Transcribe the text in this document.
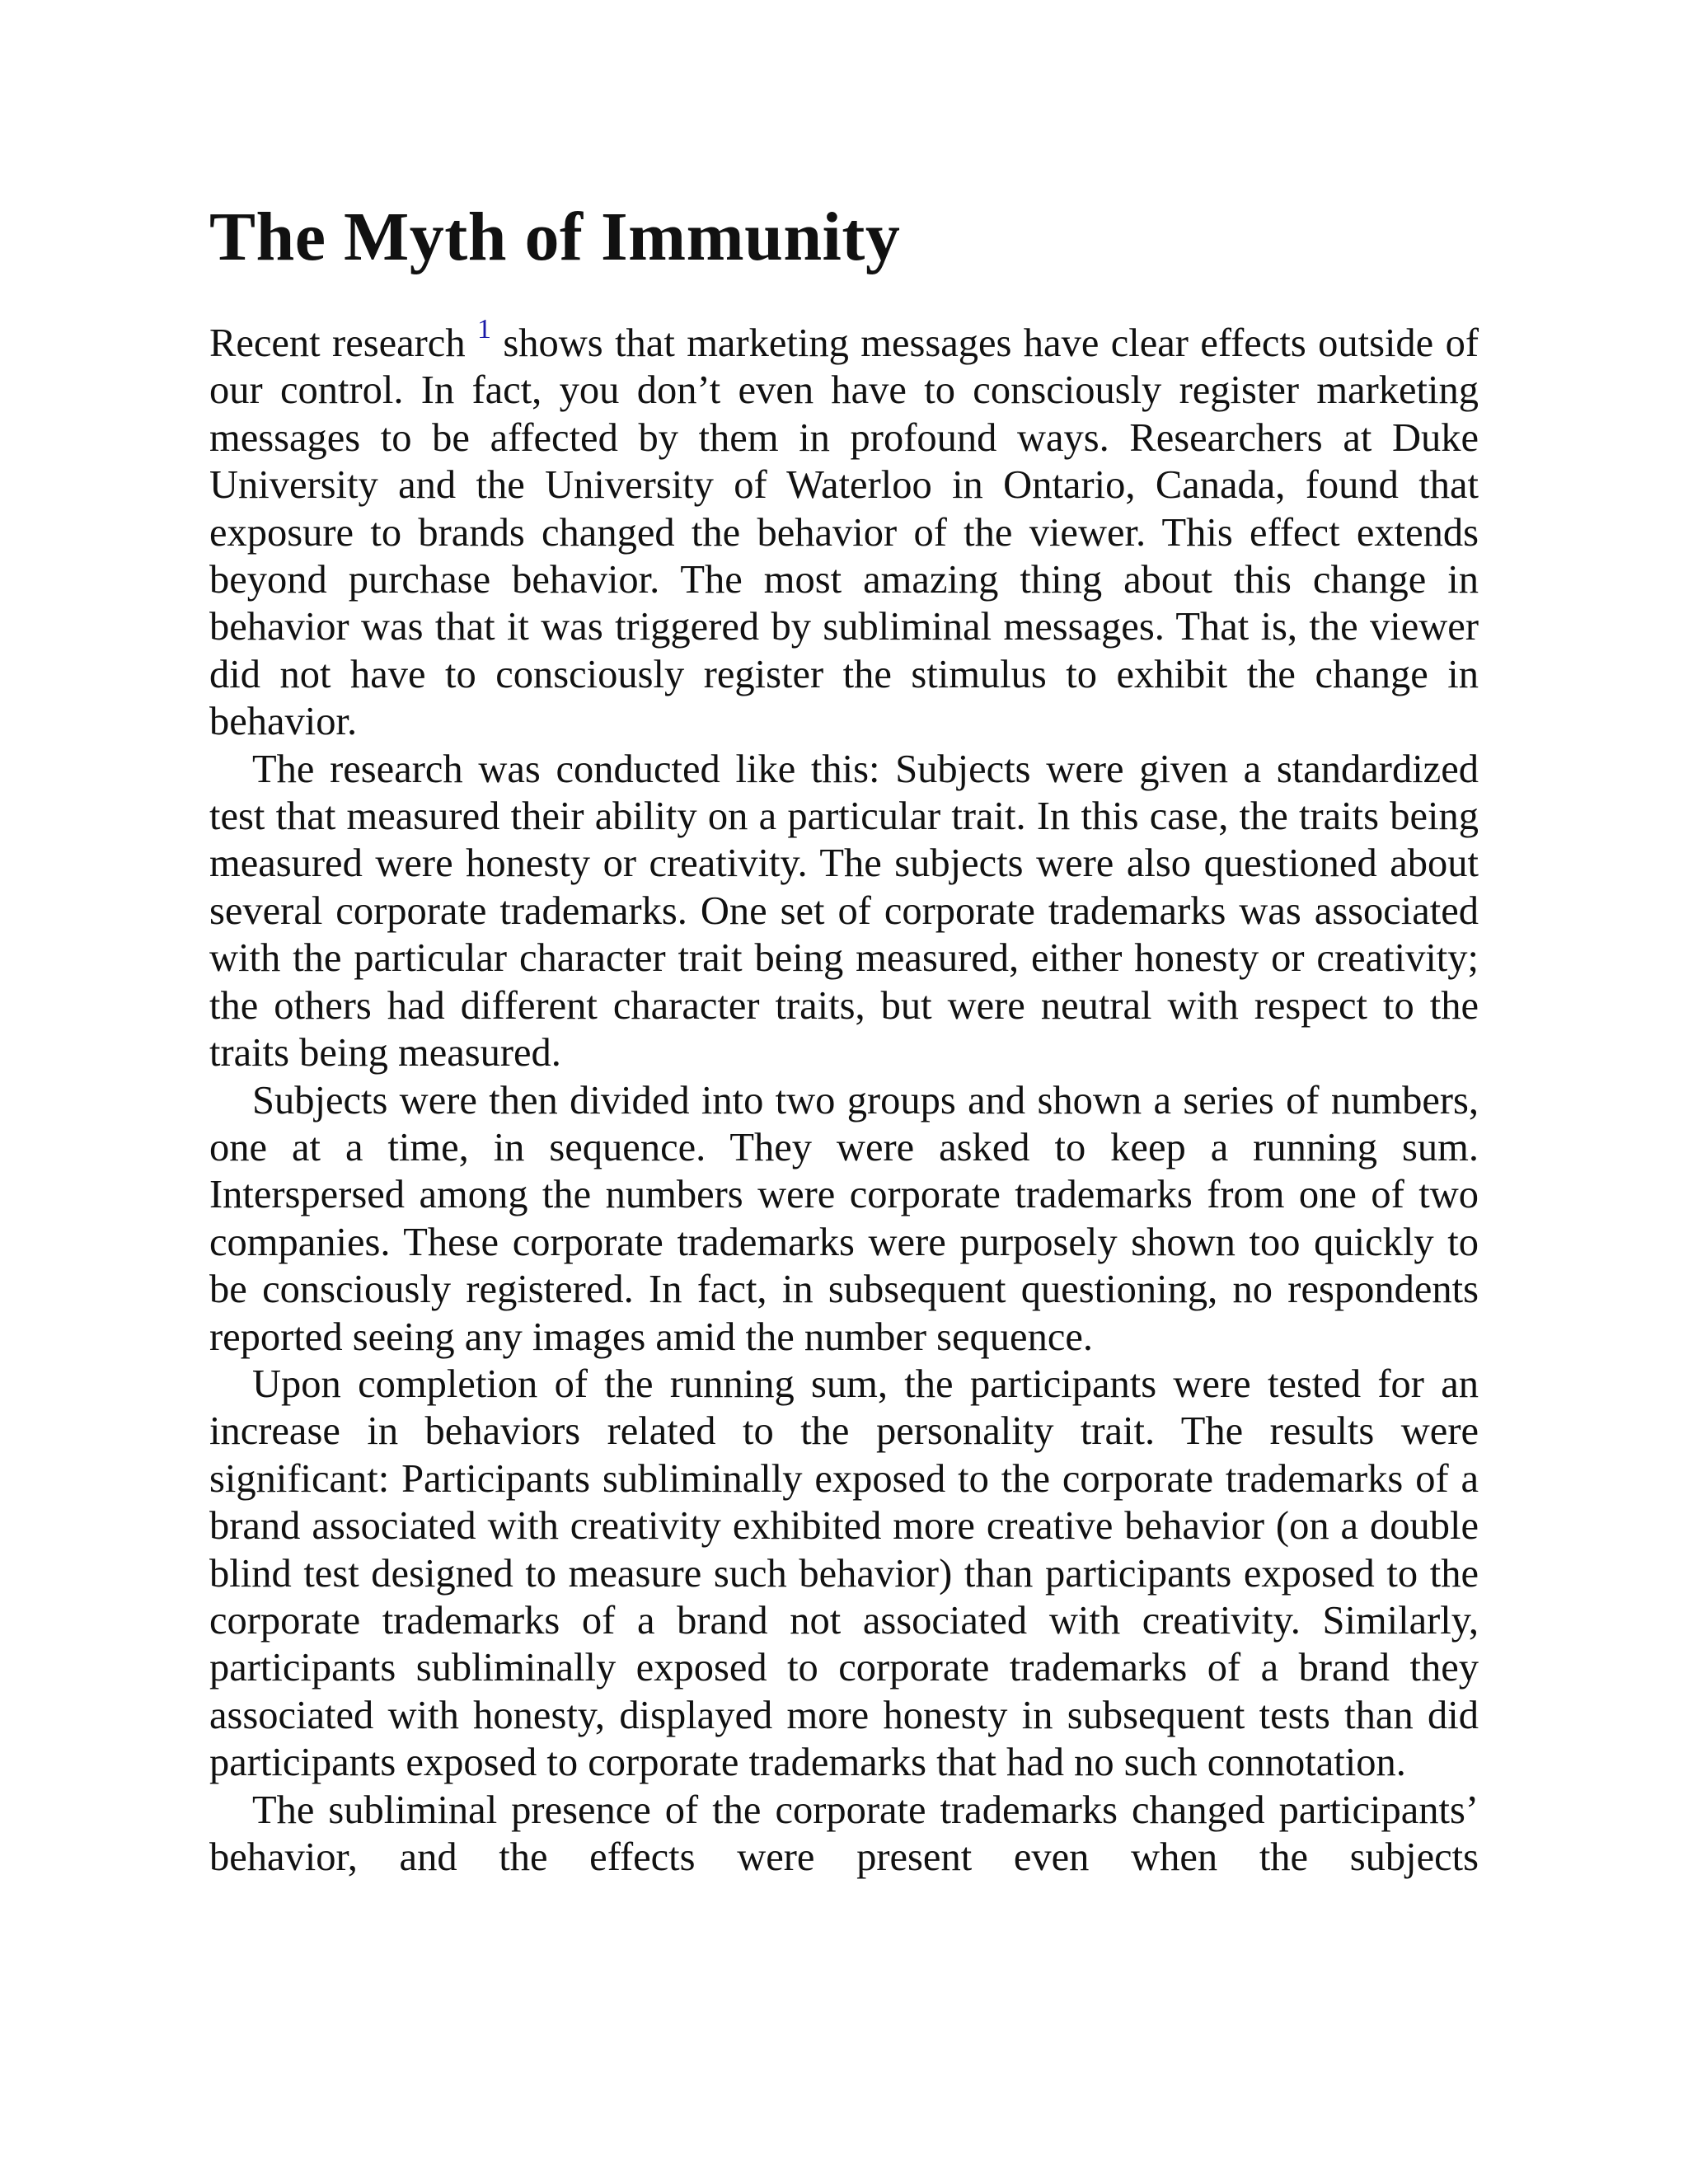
The Myth of Immunity

Recent research $^1$ shows that marketing messages have clear effects outside of our control. In fact, you don’t even have to consciously register marketing messages to be affected by them in profound ways. Researchers at Duke University and the University of Waterloo in Ontario, Canada, found that exposure to brands changed the behavior of the viewer. This effect extends beyond purchase behavior. The most amazing thing about this change in behavior was that it was triggered by subliminal messages. That is, the viewer did not have to consciously register the stimulus to exhibit the change in behavior.

The research was conducted like this: Subjects were given a standardized test that measured their ability on a particular trait. In this case, the traits being measured were honesty or creativity. The subjects were also questioned about several corporate trademarks. One set of corporate trademarks was associated with the particular character trait being measured, either honesty or creativity; the others had different character traits, but were neutral with respect to the traits being measured.

Subjects were then divided into two groups and shown a series of numbers, one at a time, in sequence. They were asked to keep a running sum. Interspersed among the numbers were corporate trademarks from one of two companies. These corporate trademarks were purposely shown too quickly to be consciously registered. In fact, in subsequent questioning, no respondents reported seeing any images amid the number sequence.

Upon completion of the running sum, the participants were tested for an increase in behaviors related to the personality trait. The results were significant: Participants subliminally exposed to the corporate trademarks of a brand associated with creativity exhibited more creative behavior (on a double blind test designed to measure such behavior) than participants exposed to the corporate trademarks of a brand not associated with creativity. Similarly, participants subliminally exposed to corporate trademarks of a brand they associated with honesty, displayed more honesty in subsequent tests than did participants exposed to corporate trademarks that had no such connotation.

The subliminal presence of the corporate trademarks changed participants’ behavior, and the effects were present even when the subjects
